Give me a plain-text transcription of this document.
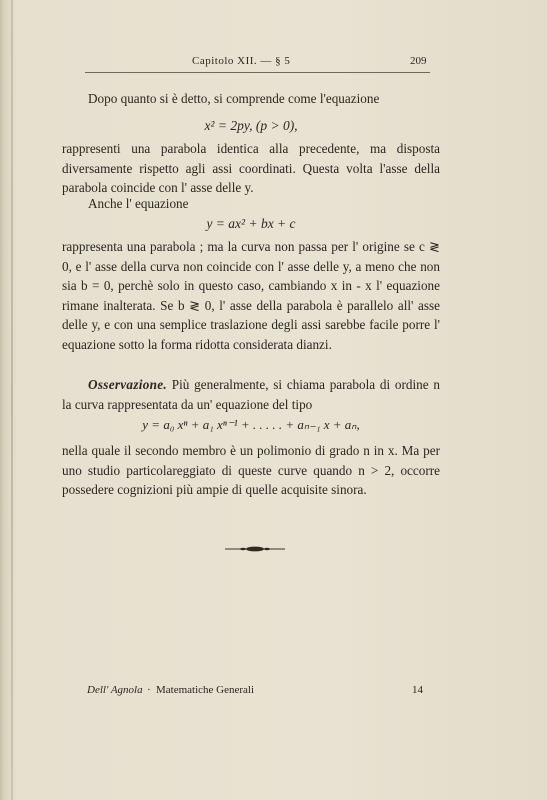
Capitolo XII. — § 5	209

Dopo quanto si è detto, si comprende come l'equazione

x² = 2py, (p > 0),

rappresenti una parabola identica alla precedente, ma disposta diversamente rispetto agli assi coordinati. Questa volta l'asse della parabola coincide con l' asse delle y.

Anche l' equazione

y = ax² + bx + c

rappresenta una parabola ; ma la curva non passa per l' origine se c ≷ 0, e l' asse della curva non coincide con l' asse delle y, a meno che non sia b = 0, perchè solo in questo caso, cambiando x in - x l' equazione rimane inalterata. Se b ≷ 0, l' asse della parabola è parallelo all' asse delle y, e con una semplice traslazione degli assi sarebbe facile porre l' equazione sotto la forma ridotta considerata dianzi.

Osservazione. Più generalmente, si chiama parabola di ordine n la curva rappresentata da un' equazione del tipo

y = a₀ xⁿ + a₁ xⁿ⁻¹ + . . . . . + aₙ₋₁ x + aₙ,

nella quale il secondo membro è un polimonio di grado n in x. Ma per uno studio particolareggiato di queste curve quando n > 2, occorre possedere cognizioni più ampie di quelle acquisite sinora.

Dell' Agnola · Matematiche Generali	14
